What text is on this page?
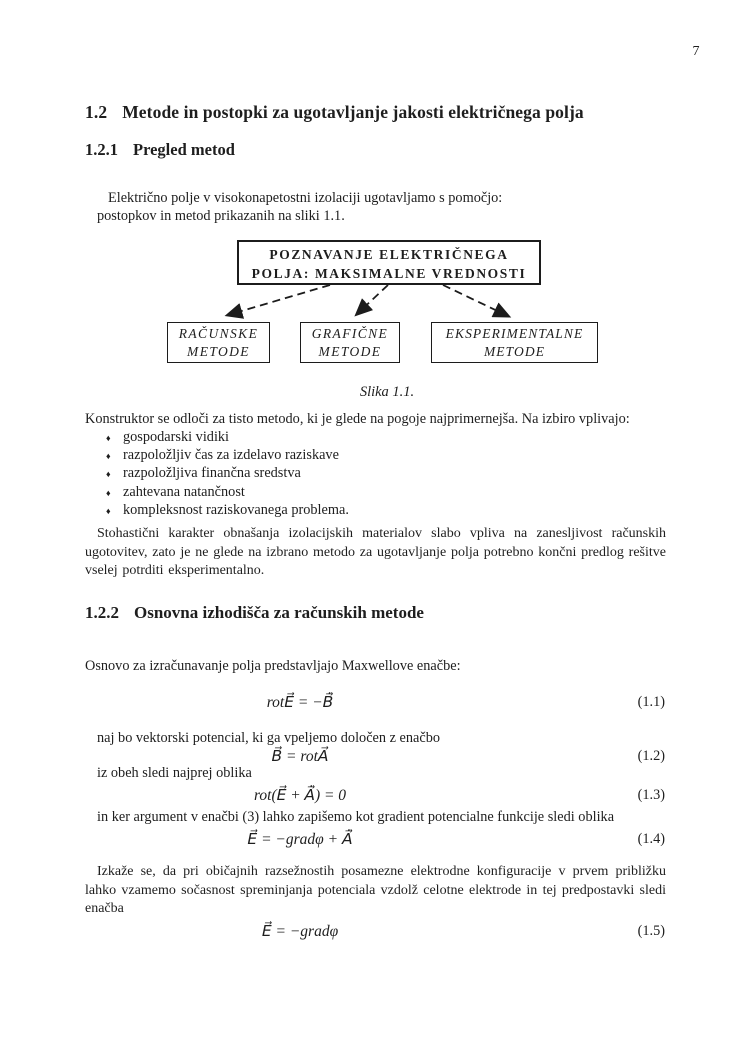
7
1.2 Metode in postopki za ugotavljanje jakosti električnega polja
1.2.1 Pregled metod
Električno polje v visokonapetostni izolaciji ugotavljamo s pomočjo:
postopkov in metod prikazanih na sliki 1.1.
POZNAVANJE ELEKTRIČNEGA
POLJA: MAKSIMALNE VREDNOSTI
RAČUNSKE
METODE
GRAFIČNE
METODE
EKSPERIMENTALNE
METODE
Slika 1.1.
Konstruktor se odloči za tisto metodo, ki je glede na pogoje najprimernejša. Na izbiro vplivajo:
♦ gospodarski vidiki
♦ razpoložljiv čas za izdelavo raziskave
♦ razpoložljiva finančna sredstva
♦ zahtevana natančnost
♦ kompleksnost raziskovanega problema.
Stohastični karakter obnašanja izolacijskih materialov slabo vpliva na zanesljivost računskih ugotovitev, zato je ne glede na izbrano metodo za ugotavljanje polja potrebno končni predlog rešitve vselej potrditi eksperimentalno.
1.2.2 Osnovna izhodišča za računskih metode
Osnovo za izračunavanje polja predstavljajo Maxwellove enačbe:
rotE⃗ = −B⃗̇	(1.1)
naj bo vektorski potencial, ki ga vpeljemo določen z enačbo
B⃗ = rotA⃗	(1.2)
iz obeh sledi najprej oblika
rot(E⃗ + A⃗̇) = 0	(1.3)
in ker argument v enačbi (3) lahko zapišemo kot gradient potencialne funkcije sledi oblika
E⃗ = −gradφ + A⃗̇	(1.4)
Izkaže se, da pri običajnih razsežnostih posamezne elektrodne konfiguracije v prvem približku lahko vzamemo sočasnost spreminjanja potenciala vzdolž celotne elektrode in tej predpostavki sledi enačba
E⃗ = −gradφ	(1.5)
